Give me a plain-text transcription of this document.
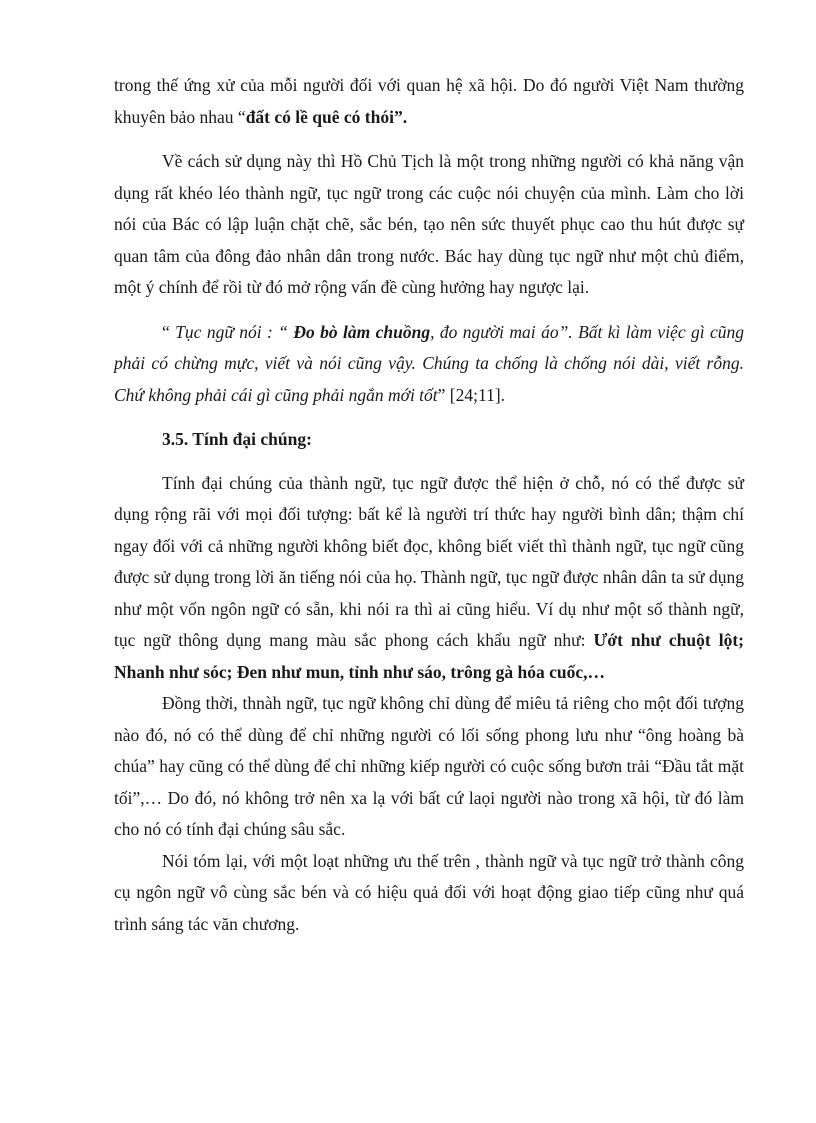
trong thế ứng xử của mỗi người đối với quan hệ xã hội. Do đó người Việt Nam thường khuyên bảo nhau “đất có lề quê có thói”.

Về cách sử dụng này thì Hồ Chủ Tịch là một trong những người có khả năng vận dụng rất khéo léo thành ngữ, tục ngữ trong các cuộc nói chuyện của mình. Làm cho lời nói của Bác có lập luận chặt chẽ, sắc bén, tạo nên sức thuyết phục cao thu hút được sự quan tâm của đông đảo nhân dân trong nước. Bác hay dùng tục ngữ như một chủ điểm, một ý chính để rồi từ đó mở rộng vấn đề cùng hưởng hay ngược lại.

“ Tục ngữ nói : “ Đo bò làm chuồng, đo người mai áo”. Bất kì làm việc gì cũng phải có chừng mực, viết và nói cũng vậy. Chúng ta chống là chống nói dài, viết rỗng. Chứ không phải cái gì cũng phải ngắn mới tốt” [24;11].

3.5. Tính đại chúng:

Tính đại chúng của thành ngữ, tục ngữ được thể hiện ở chỗ, nó có thể được sử dụng rộng rãi với mọi đối tượng: bất kể là người trí thức hay người bình dân; thậm chí ngay đối với cả những người không biết đọc, không biết viết thì thành ngữ, tục ngữ cũng được sử dụng trong lời ăn tiếng nói của họ. Thành ngữ, tục ngữ được nhân dân ta sử dụng như một vốn ngôn ngữ có sẵn, khi nói ra thì ai cũng hiểu. Ví dụ như một số thành ngữ, tục ngữ thông dụng mang màu sắc phong cách khẩu ngữ như: Ướt như chuột lột; Nhanh như sóc; Đen như mun, tỉnh như sáo, trông gà hóa cuốc,…

Đồng thời, thnàh ngữ, tục ngữ không chỉ dùng để miêu tả riêng cho một đối tượng nào đó, nó có thể dùng để chỉ những người có lối sống phong lưu như “ông hoàng bà chúa” hay cũng có thể dùng để chỉ những kiếp người có cuộc sống bươn trải “Đầu tắt mặt tối”,… Do đó, nó không trở nên xa lạ với bất cứ laọi người nào trong xã hội, từ đó làm cho nó có tính đại chúng sâu sắc.

Nói tóm lại, với một loạt những ưu thế trên , thành ngữ và tục ngữ trở thành công cụ ngôn ngữ vô cùng sắc bén và có hiệu quả đối với hoạt động giao tiếp cũng như quá trình sáng tác văn chương.
